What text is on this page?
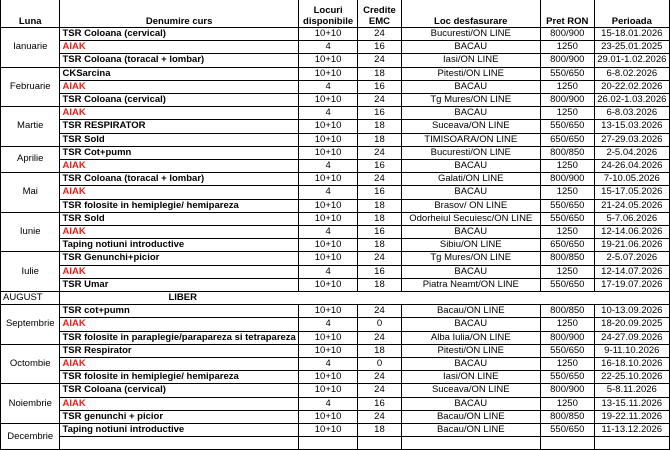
Luna	Denumire curs	Locuri disponibile	Credite EMC	Loc desfasurare	Pret RON	Perioada
Ianuarie	TSR Coloana (cervical)	10+10	24	Bucuresti/ON LINE	800/900	15-18.01.2026
	AIAK	4	16	BACAU	1250	23-25.01.2025
	TSR Coloana (toracal + lombar)	10+10	24	Iasi/ON LINE	800/900	29.01-1.02.2026
Februarie	CKSarcina	10+10	18	Pitesti/ON LINE	550/650	6-8.02.2026
	AIAK	4	16	BACAU	1250	20-22.02.2026
	TSR Coloana (cervical)	10+10	24	Tg Mures/ON LINE	800/900	26.02-1.03.2026
Martie	AIAK	4	16	BACAU	1250	6-8.03.2026
	TSR RESPIRATOR	10+10	18	Suceava/ON LINE	550/650	13-15.03.2026
	TSR Sold	10+10	18	TIMISOARA/ON LINE	650/650	27-29.03.2026
Aprilie	TSR Cot+pumn	10+10	24	Bucuresti/ON LINE	800/850	2-5.04.2026
	AIAK	4	16	BACAU	1250	24-26.04.2026
Mai	TSR Coloana (toracal + lombar)	10+10	24	Galati/ON LINE	800/900	7-10.05.2026
	AIAK	4	16	BACAU	1250	15-17.05.2026
	TSR folosite in hemiplegie/ hemipareza	10+10	18	Brasov/ ON LINE	550/650	21-24.05.2026
Iunie	TSR Sold	10+10	18	Odorheiul Secuiesc/ON LINE	550/650	5-7.06.2026
	AIAK	4	16	BACAU	1250	12-14.06.2026
	Taping notiuni introductive	10+10	18	Sibiu/ON LINE	650/650	19-21.06.2026
Iulie	TSR Genunchi+picior	10+10	24	Tg Mures/ON LINE	800/850	2-5.07.2026
	AIAK	4	16	BACAU	1250	12-14.07.2026
	TSR Umar	10+10	18	Piatra Neamt/ON LINE	550/650	17-19.07.2026
AUGUST	LIBER					
Septembrie	TSR cot+pumn	10+10	24	Bacau/ON LINE	800/850	10-13.09.2026
	AIAK	4	0	BACAU	1250	18-20.09.2025
	TSR folosite in paraplegie/parapareza si tetrapareza	10+10	24	Alba Iulia/ON LINE	800/900	24-27.09.2026
Octombie	TSR Respirator	10+10	18	Pitesti/ON LINE	550/650	9-11.10.2026
	AIAK	4	0	BACAU	1250	16-18.10.2026
	TSR folosite in hemiplegie/ hemipareza	10+10	24	Iasi/ON LINE	550/650	22-25.10.2026
Noiembrie	TSR Coloana (cervical)	10+10	24	Suceava/ON LINE	800/900	5-8.11.2026
	AIAK	4	16	BACAU	1250	13-15.11.2026
	TSR genunchi + picior	10+10	24	Bacau/ON LINE	800/850	19-22.11.2026
Decembrie	Taping notiuni introductive	10+10	18	Bacau/ON LINE	550/650	11-13.12.2026
